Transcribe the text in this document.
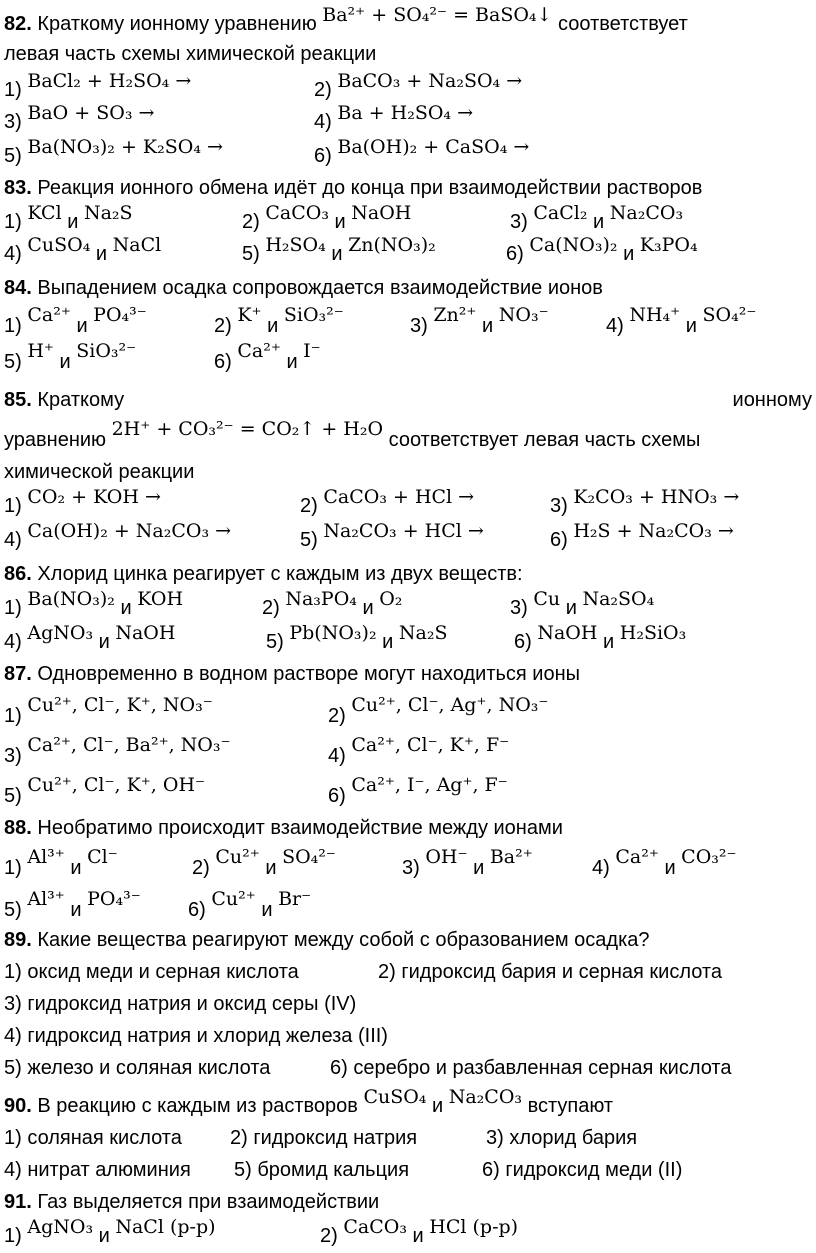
82. Краткому ионному уравнению Ba²⁺ + SO₄²⁻ = BaSO₄↓ соответствует
левая часть схемы химической реакции
1) BaCl₂ + H₂SO₄ →	2) BaCO₃ + Na₂SO₄ →
3) BaO + SO₃ →	4) Ba + H₂SO₄ →
5) Ba(NO₃)₂ + K₂SO₄ →	6) Ba(OH)₂ + CaSO₄ →
83. Реакция ионного обмена идёт до конца при взаимодействии растворов
1) KCl и Na₂S	2) CaCO₃ и NaOH	3) CaCl₂ и Na₂CO₃
4) CuSO₄ и NaCl	5) H₂SO₄ и Zn(NO₃)₂	6) Ca(NO₃)₂ и K₃PO₄
84. Выпадением осадка сопровождается взаимодействие ионов
1) Ca²⁺ и PO₄³⁻	2) K⁺ и SiO₃²⁻	3) Zn²⁺ и NO₃⁻	4) NH₄⁺ и SO₄²⁻
5) H⁺ и SiO₃²⁻	6) Ca²⁺ и I⁻
85. Краткому	ионному
уравнению 2H⁺ + CO₃²⁻ = CO₂↑ + H₂O соответствует левая часть схемы
химической реакции
1) CO₂ + KOH →	2) CaCO₃ + HCl →	3) K₂CO₃ + HNO₃ →
4) Ca(OH)₂ + Na₂CO₃ →	5) Na₂CO₃ + HCl →	6) H₂S + Na₂CO₃ →
86. Хлорид цинка реагирует с каждым из двух веществ:
1) Ba(NO₃)₂ и KOH	2) Na₃PO₄ и O₂	3) Cu и Na₂SO₄
4) AgNO₃ и NaOH	5) Pb(NO₃)₂ и Na₂S	6) NaOH и H₂SiO₃
87. Одновременно в водном растворе могут находиться ионы
1) Cu²⁺, Cl⁻, K⁺, NO₃⁻	2) Cu²⁺, Cl⁻, Ag⁺, NO₃⁻
3) Ca²⁺, Cl⁻, Ba²⁺, NO₃⁻	4) Ca²⁺, Cl⁻, K⁺, F⁻
5) Cu²⁺, Cl⁻, K⁺, OH⁻	6) Ca²⁺, I⁻, Ag⁺, F⁻
88. Необратимо происходит взаимодействие между ионами
1) Al³⁺ и Cl⁻	2) Cu²⁺ и SO₄²⁻	3) OH⁻ и Ba²⁺	4) Ca²⁺ и CO₃²⁻
5) Al³⁺ и PO₄³⁻ 6) Cu²⁺ и Br⁻
89. Какие вещества реагируют между собой с образованием осадка?
1) оксид меди и серная кислота	2) гидроксид бария и серная кислота
3) гидроксид натрия и оксид серы (IV)
4) гидроксид натрия и хлорид железа (III)
5) железо и соляная кислота	6) серебро и разбавленная серная кислота
90. В реакцию с каждым из растворов CuSO₄ и Na₂CO₃ вступают
1) соляная кислота 2) гидроксид натрия	3) хлорид бария
4) нитрат алюминия 5) бромид кальция	6) гидроксид меди (II)
91. Газ выделяется при взаимодействии
1) AgNO₃ и NaCl (р-р)	2) CaCO₃ и HCl (р-р)
